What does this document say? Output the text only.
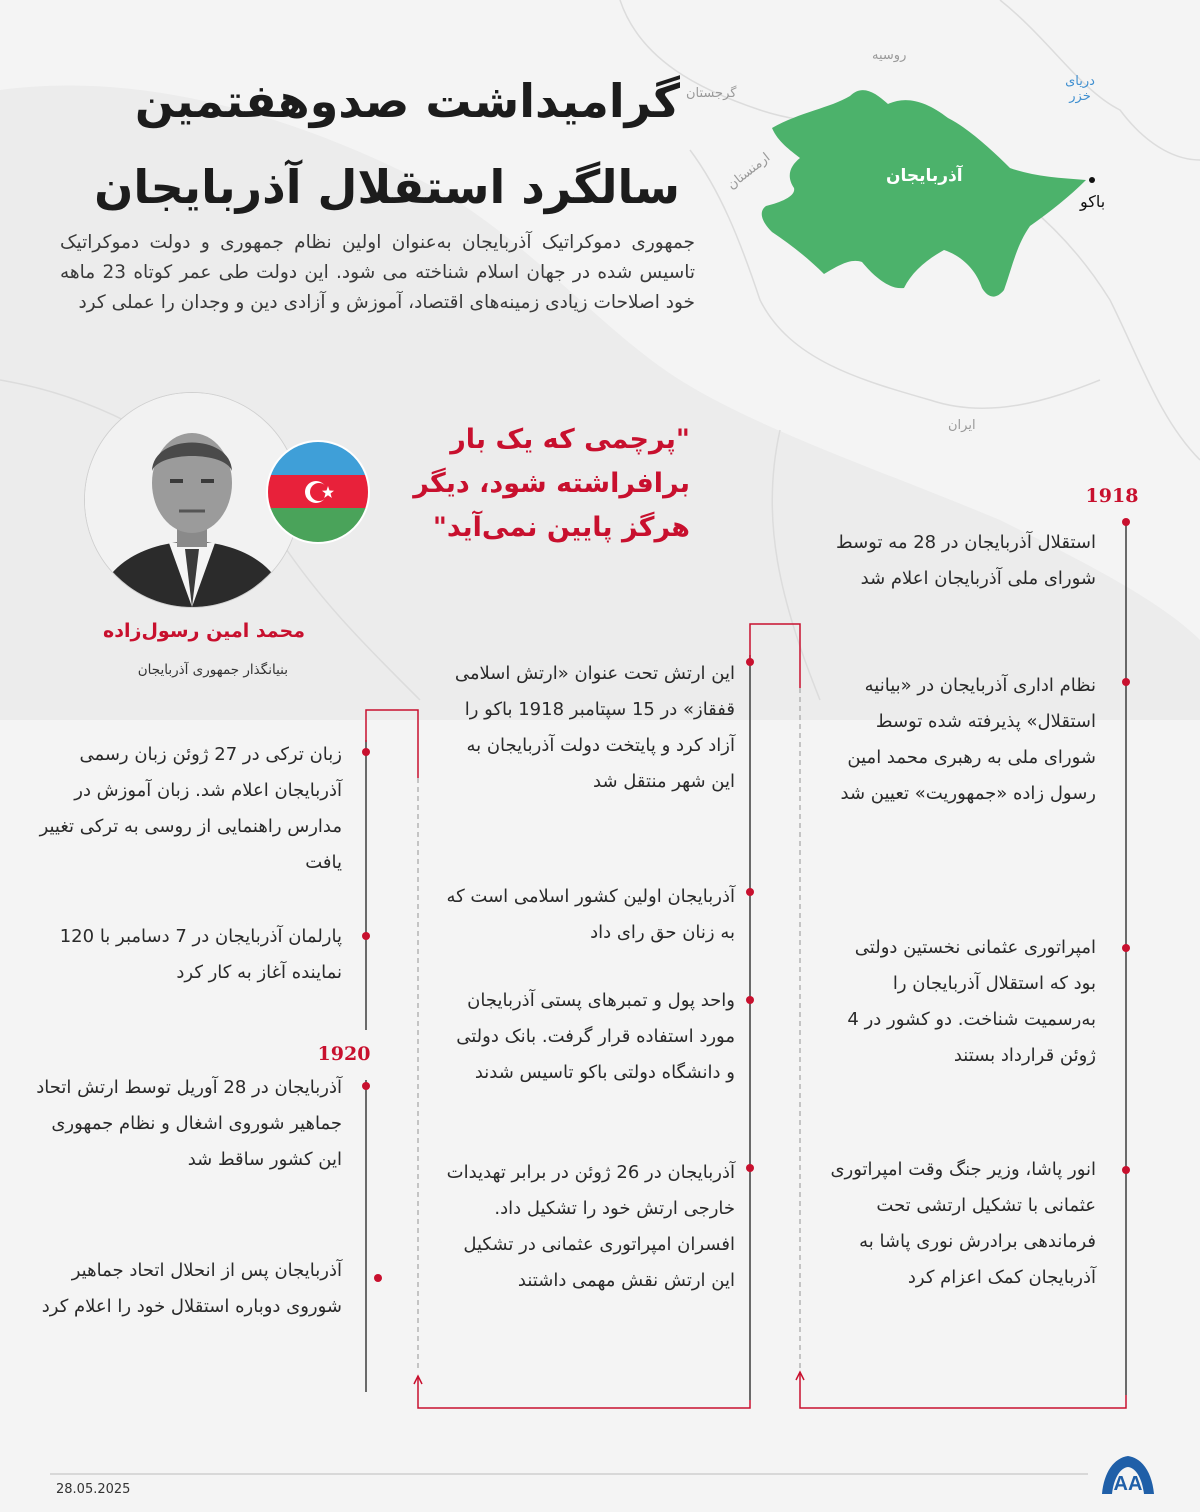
روسیه
گرجستان
ارمنستان	آذربایجان
دریای
خزر
باکو
ایران
گرامیداشت صدوهفتمین
سالگرد استقلال آذربایجان
جمهوری دموکراتیک آذربایجان به‌عنوان اولین نظام جمهوری و دولت دموکراتیک تاسیس شده در جهان اسلام شناخته می شود. این دولت طی عمر کوتاه 23 ماهه خود اصلاحات زیادی زمینه‌های اقتصاد، آموزش و آزادی دین و وجدان را عملی کرد
"پرچمی که یک بار برافراشته شود، دیگر هرگز پایین نمی‌آید"
محمد امین رسول‌زاده
بنیانگذار جمهوری آذربایجان
1918
1920
استقلال آذربایجان در 28 مه توسط شورای ملی آذربایجان اعلام شد
نظام اداری آذربایجان در «بیانیه استقلال» پذیرفته شده توسط شورای ملی به رهبری محمد امین رسول زاده «جمهوریت» تعیین شد
امپراتوری عثمانی نخستین دولتی بود که استقلال آذربایجان را به‌رسمیت شناخت. دو کشور در 4 ژوئن قرارداد بستند
انور پاشا، وزیر جنگ وقت امپراتوری عثمانی با تشکیل ارتشی تحت فرماندهی برادرش نوری پاشا به آذربایجان کمک اعزام کرد
این ارتش تحت عنوان «ارتش اسلامی قفقاز» در 15 سپتامبر 1918 باکو را آزاد کرد و پایتخت دولت آذربایجان به این شهر منتقل شد
آذربایجان اولین کشور اسلامی است که به زنان حق رای داد
واحد پول و تمبرهای پستی آذربایجان مورد استفاده قرار گرفت. بانک دولتی و دانشگاه دولتی باکو تاسیس شدند
آذربایجان در 26 ژوئن در برابر تهدیدات خارجی ارتش خود را تشکیل داد. افسران امپراتوری عثمانی در تشکیل این ارتش نقش مهمی داشتند
زبان ترکی در 27 ژوئن زبان رسمی آذربایجان اعلام شد. زبان آموزش در مدارس راهنمایی از روسی به ترکی تغییر یافت
پارلمان آذربایجان در 7 دسامبر با 120 نماینده آغاز به کار کرد
آذربایجان در 28 آوریل توسط ارتش اتحاد جماهیر شوروی اشغال و نظام جمهوری این کشور ساقط شد
آذربایجان پس از انحلال اتحاد جماهیر شوروی دوباره استقلال خود را اعلام کرد
28.05.2025	AA
